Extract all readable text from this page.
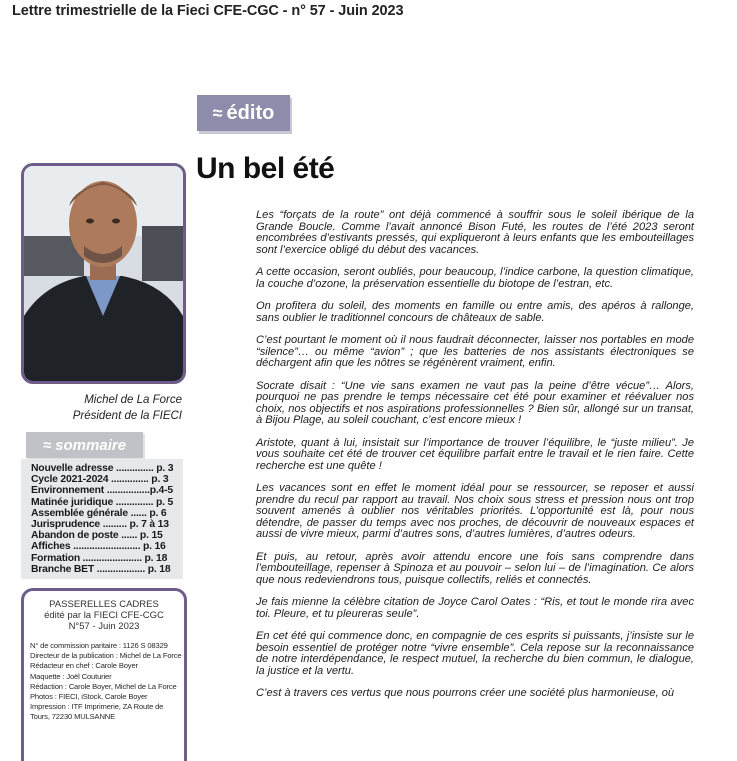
Lettre trimestrielle de la Fieci CFE-CGC - n° 57 - Juin 2023
≈ édito
Un bel été
Michel de La Force
Président de la FIECI
≈ sommaire
Nouvelle adresse .............. p. 3
Cycle 2021-2024 .............. p. 3
Environnement ................p.4-5
Matinée juridique .............. p. 5
Assemblée générale ...... p. 6
Jurisprudence ......... p. 7 à 13
Abandon de poste ...... p. 15
Affiches ......................... p. 16
Formation ...................... p. 18
Branche BET .................. p. 18
PASSERELLES CADRES
édité par la FIECI CFE-CGC
N°57 - Juin 2023
N° de commission paritaire : 1126 S 08329
Directeur de la publication : Michel de La Force
Rédacteur en chef : Carole Boyer
Maquette : Joël Couturier
Rédaction : Carole Boyer, Michel de La Force
Photos : FIECI, iStock, Carole Boyer
Impression : ITF Imprimerie, ZA Route de
Tours, 72230 MULSANNE

Les “forçats de la route” ont déjà commencé à souffrir sous le soleil ibérique de la Grande Boucle. Comme l’avait annoncé Bison Futé, les routes de l’été 2023 seront encombrées d’estivants pressés, qui expliqueront à leurs enfants que les embouteillages sont l’exercice obligé du début des vacances.

A cette occasion, seront oubliés, pour beaucoup, l’indice carbone, la question climatique, la couche d’ozone, la préservation essentielle du biotope de l’estran, etc.

On profitera du soleil, des moments en famille ou entre amis, des apéros à rallonge, sans oublier le traditionnel concours de châteaux de sable.

C’est pourtant le moment où il nous faudrait déconnecter, laisser nos portables en mode “silence”… ou même “avion” ; que les batteries de nos assistants électroniques se déchargent afin que les nôtres se régénèrent vraiment, enfin.

Socrate disait : “Une vie sans examen ne vaut pas la peine d’être vécue”… Alors, pourquoi ne pas prendre le temps nécessaire cet été pour examiner et réévaluer nos choix, nos objectifs et nos aspirations professionnelles ? Bien sûr, allongé sur un transat, à Bijou Plage, au soleil couchant, c’est encore mieux !

Aristote, quant à lui, insistait sur l’importance de trouver l’équilibre, le “juste milieu”. Je vous souhaite cet été de trouver cet équilibre parfait entre le travail et le rien faire. Cette recherche est une quête !

Les vacances sont en effet le moment idéal pour se ressourcer, se reposer et aussi prendre du recul par rapport au travail. Nos choix sous stress et pression nous ont trop souvent amenés à oublier nos véritables priorités. L’opportunité est là, pour nous détendre, de passer du temps avec nos proches, de découvrir de nouveaux espaces et aussi de vivre mieux, parmi d’autres sons, d’autres lumières, d’autres odeurs.

Et puis, au retour, après avoir attendu encore une fois sans comprendre dans l’embouteillage, repenser à Spinoza et au pouvoir – selon lui – de l’imagination. Ce alors que nous redeviendrons tous, puisque collectifs, reliés et connectés.

Je fais mienne la célèbre citation de Joyce Carol Oates : “Ris, et tout le monde rira avec toi. Pleure, et tu pleureras seule”.

En cet été qui commence donc, en compagnie de ces esprits si puissants, j’insiste sur le besoin essentiel de protéger notre “vivre ensemble”. Cela repose sur la reconnaissance de notre interdépendance, le respect mutuel, la recherche du bien commun, le dialogue, la justice et la vertu.

C’est à travers ces vertus que nous pourrons créer une société plus harmonieuse, où
